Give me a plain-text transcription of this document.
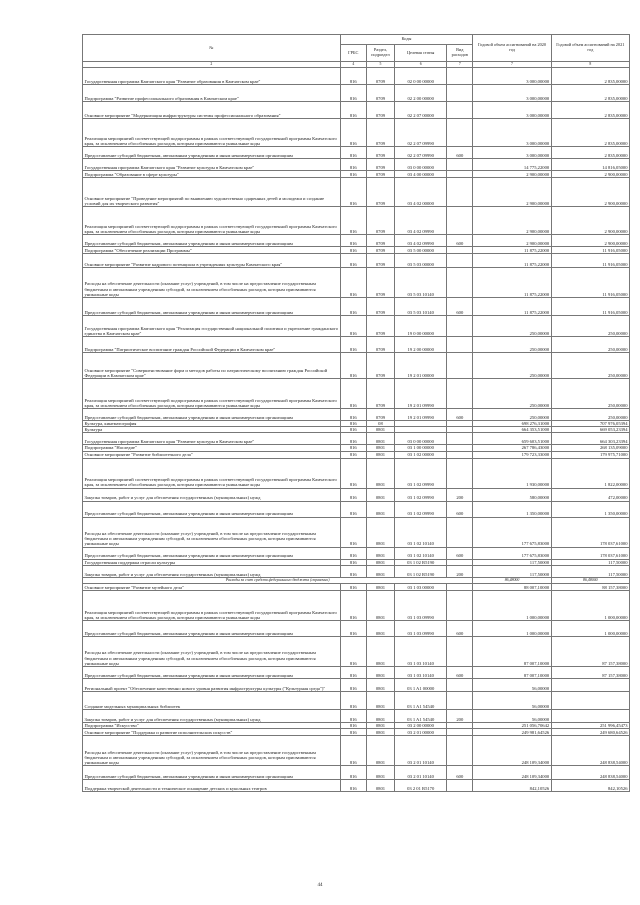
№	Коды				Годовой объем ассигнований на 2020 год	Годовой объем ассигнований на 2021 год
	ГРБС	Раздел, подраздел	Целевая статья	Вид расходов		
2	4	5	6	7	7	8
Государственная программа Камчатского края "Развитие образования в Камчатском крае"	816	0709	02 0 00 00000		3 000,00000	2 835,00000
Подпрограмма "Развитие профессионального образования в Камчатском крае"	816	0709	02 2 00 00000		3 000,00000	2 835,00000
Основное мероприятие "Модернизация инфраструктуры системы профессионального образования"	816	0709	02 2 07 00000		3 000,00000	2 835,00000
Реализация мероприятий соответствующей подпрограммы в рамках соответствующей государственной программы Камчатского края, за исключением обособленных расходов, которым присваиваются уникальные коды	816	0709	02 2 07 09990		3 000,00000	2 835,00000
Предоставление субсидий бюджетным, автономным учреждениям и иным некоммерческим организациям	816	0709	02 2 07 09990	600	3 000,00000	2 835,00000
Государственная программа Камчатского края "Развитие культуры в Камчатском крае"	816	0709	03 0 00 00000		14 775,22000	14 816,05000
Подпрограмма "Образование в сфере культуры"	816	0709	03 4 00 00000		2 900,00000	2 900,00000
Основное мероприятие "Проведение мероприятий по выявлению художественно одаренных детей и молодежи и создание условий для их творческого развития"	816	0709	03 4 02 00000		2 900,00000	2 900,00000
Реализация мероприятий соответствующей подпрограммы в рамках соответствующей государственной программы Камчатского края, за исключением обособленных расходов, которым присваиваются уникальные коды	816	0709	03 4 02 09990		2 900,00000	2 900,00000
Предоставление субсидий бюджетным, автономным учреждениям и иным некоммерческим организациям	816	0709	03 4 02 09990	600	2 900,00000	2 900,00000
Подпрограмма "Обеспечение реализации Программы"	816	0709	03 5 00 00000		11 875,22000	11 916,05000
Основное мероприятие "Развитие кадрового потенциала в учреждениях культуры Камчатского края"	816	0709	03 5 03 00000		11 875,22000	11 916,05000
Расходы на обеспечение деятельности (оказание услуг) учреждений, в том числе на предоставление государственным бюджетным и автономным учреждениям субсидий, за исключением обособленных расходов, которым присваиваются уникальные коды	816	0709	03 5 03 10140		11 875,22000	11 916,05000
Предоставление субсидий бюджетным, автономным учреждениям и иным некоммерческим организациям	816	0709	03 5 03 10140	600	11 875,22000	11 916,05000
Государственная программа Камчатского края "Реализация государственной национальной политики и укрепление гражданского единства в Камчатском крае"	816	0709	19 0 00 00000		250,00000	250,00000
Подпрограмма "Патриотическое воспитание граждан Российской Федерации в Камчатском крае"	816	0709	19 2 00 00000		250,00000	250,00000
Основное мероприятие "Совершенствование форм и методов работы по патриотическому воспитанию граждан Российской Федерации в Камчатском крае"	816	0709	19 2 01 00000		250,00000	250,00000
Реализация мероприятий соответствующей подпрограммы в рамках соответствующей государственной программы Камчатского края, за исключением обособленных расходов, которым присваиваются уникальные коды	816	0709	19 2 01 09990		250,00000	250,00000
Предоставление субсидий бюджетным, автономным учреждениям и иным некоммерческим организациям	816	0709	19 2 01 09990	600	250,00000	250,00000
Культура, кинематография	816	08			698 276,31000	707 976,05394
Культура	816	0801			664 353,51000	669 053,23394
Государственная программа Камчатского края "Развитие культуры в Камчатском крае"	816	0801	03 0 00 00000		659 603,51000	664 303,23394
Подпрограмма "Наследие"	816	0801	03 1 00 00000		267 786,43000	268 135,09000
Основное мероприятие "Развитие библиотечного дела"	816	0801	03 1 02 00000		179 723,33000	179 975,71000
Реализация мероприятий соответствующей подпрограммы в рамках соответствующей государственной программы Камчатского края, за исключением обособленных расходов, которым присваиваются уникальные коды	816	0801	03 1 02 09990		1 930,00000	1 822,00000
Закупка товаров, работ и услуг для обеспечения государственных (муниципальных) нужд	816	0801	03 1 02 09990	200	580,00000	472,00000
Предоставление субсидий бюджетным, автономным учреждениям и иным некоммерческим организациям	816	0801	03 1 02 09990	600	1 350,00000	1 350,00000
Расходы на обеспечение деятельности (оказание услуг) учреждений, в том числе на предоставление государственным бюджетным и автономным учреждениям субсидий, за исключением обособленных расходов, которым присваиваются уникальные коды	816	0801	03 1 02 10140		177 675,83000	178 037,61000
Предоставление субсидий бюджетным, автономным учреждениям и иным некоммерческим организациям	816	0801	03 1 02 10140	600	177 675,83000	178 037,61000
Государственная поддержка отрасли культуры	816	0801	03 1 02 R5190		117,50000	117,50000
Закупка товаров, работ и услуг для обеспечения государственных (муниципальных) нужд	816	0801	03 1 02 R5190	200	117,50000	117,50000
Расходы за счет средств федерального бюджета (справочно)					86,48000	86,48000
Основное мероприятие "Развитие музейного дела"	816	0801	03 1 03 00000		88 007,10000	88 157,38000
Реализация мероприятий соответствующей подпрограммы в рамках соответствующей государственной программы Камчатского края, за исключением обособленных расходов, которым присваиваются уникальные коды	816	0801	03 1 03 09990		1 000,00000	1 000,00000
Предоставление субсидий бюджетным, автономным учреждениям и иным некоммерческим организациям	816	0801	03 1 03 09990	600	1 000,00000	1 000,00000
Расходы на обеспечение деятельности (оказание услуг) учреждений, в том числе на предоставление государственным бюджетным и автономным учреждениям субсидий, за исключением обособленных расходов, которым присваиваются уникальные коды	816	0801	03 1 03 10140		87 007,10000	87 157,38000
Предоставление субсидий бюджетным, автономным учреждениям и иным некоммерческим организациям	816	0801	03 1 03 10140	600	87 007,10000	87 157,38000
Региональный проект "Обеспечение качественно нового уровня развития инфраструктуры культуры ("Культурная среда")"	816	0801	03 1 A1 00000		56,00000	
Создание модельных муниципальных библиотек	816	0801	03 1 A1 54540		56,00000	
Закупка товаров, работ и услуг для обеспечения государственных (муниципальных) нужд	816	0801	03 1 A1 54540	200	56,00000	
Подпрограмма "Искусство"	816	0801	03 2 00 00000		251 056,70642	251 996,45473
Основное мероприятие "Поддержка и развитие исполнительских искусств"	816	0801	03 2 01 00000		249 981,64526	249 680,64526
Расходы на обеспечение деятельности (оказание услуг) учреждений, в том числе на предоставление государственным бюджетным и автономным учреждениям субсидий, за исключением обособленных расходов, которым присваиваются уникальные коды	816	0801	03 2 01 10140		248 109,34000	248 838,54000
Предоставление субсидий бюджетным, автономным учреждениям и иным некоммерческим организациям	816	0801	03 2 01 10140	600	248 109,34000	248 838,54000
Поддержка творческой деятельности и техническое оснащение детских и кукольных театров	816	0801	03 2 01 R5170		842,10526	842,10526
44
